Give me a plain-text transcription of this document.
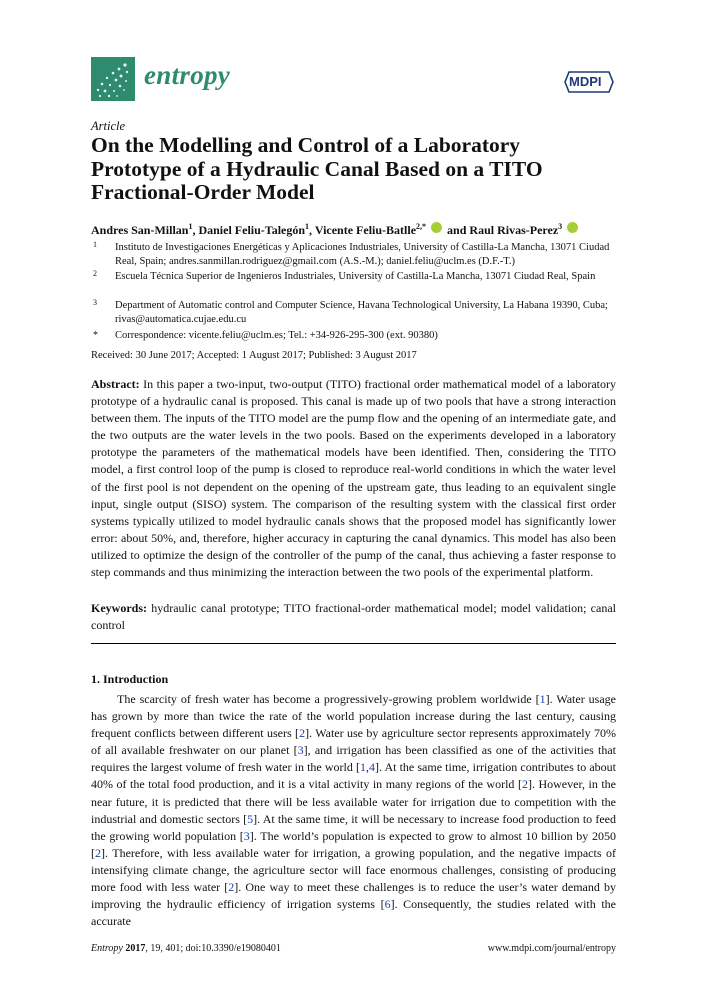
entropy	MDPI
Article
On the Modelling and Control of a Laboratory Prototype of a Hydraulic Canal Based on a TITO Fractional-Order Model
Andres San-Millan$^1$, Daniel Feliu-Talegón$^1$, Vicente Feliu-Batlle$^{2,*}$ and Raul Rivas-Perez$^3$
1 Instituto de Investigaciones Energéticas y Aplicaciones Industriales, University of Castilla-La Mancha, 13071 Ciudad Real, Spain; andres.sanmillan.rodriguez@gmail.com (A.S.-M.); daniel.feliu@uclm.es (D.F.-T.)
2 Escuela Técnica Superior de Ingenieros Industriales, University of Castilla-La Mancha, 13071 Ciudad Real, Spain
3 Department of Automatic control and Computer Science, Havana Technological University, La Habana 19390, Cuba; rivas@automatica.cujae.edu.cu
* Correspondence: vicente.feliu@uclm.es; Tel.: +34-926-295-300 (ext. 90380)
Received: 30 June 2017; Accepted: 1 August 2017; Published: 3 August 2017
Abstract: In this paper a two-input, two-output (TITO) fractional order mathematical model of a laboratory prototype of a hydraulic canal is proposed. This canal is made up of two pools that have a strong interaction between them. The inputs of the TITO model are the pump flow and the opening of an intermediate gate, and the two outputs are the water levels in the two pools. Based on the experiments developed in a laboratory prototype the parameters of the mathematical models have been identified. Then, considering the TITO model, a first control loop of the pump is closed to reproduce real-world conditions in which the water level of the first pool is not dependent on the opening of the upstream gate, thus leading to an equivalent single input, single output (SISO) system. The comparison of the resulting system with the classical first order systems typically utilized to model hydraulic canals shows that the proposed model has significantly lower error: about 50%, and, therefore, higher accuracy in capturing the canal dynamics. This model has also been utilized to optimize the design of the controller of the pump of the canal, thus achieving a faster response to step commands and thus minimizing the interaction between the two pools of the experimental platform.
Keywords: hydraulic canal prototype; TITO fractional-order mathematical model; model validation; canal control
1. Introduction
The scarcity of fresh water has become a progressively-growing problem worldwide [1]. Water usage has grown by more than twice the rate of the world population increase during the last century, causing frequent conflicts between different users [2]. Water use by agriculture sector represents approximately 70% of all available freshwater on our planet [3], and irrigation has been classified as one of the activities that requires the largest volume of fresh water in the world [1,4]. At the same time, irrigation contributes to about 40% of the total food production, and it is a vital activity in many regions of the world [2]. However, in the near future, it is predicted that there will be less available water for irrigation due to competition with the industrial and domestic sectors [5]. At the same time, it will be necessary to increase food production to feed the growing world population [3]. The world’s population is expected to grow to almost 10 billion by 2050 [2]. Therefore, with less available water for irrigation, a growing population, and the negative impacts of intensifying climate change, the agriculture sector will face enormous challenges, consisting of producing more food with less water [2]. One way to meet these challenges is to reduce the user’s water demand by improving the hydraulic efficiency of irrigation systems [6]. Consequently, the studies related with the accurate
Entropy 2017, 19, 401; doi:10.3390/e19080401	www.mdpi.com/journal/entropy
